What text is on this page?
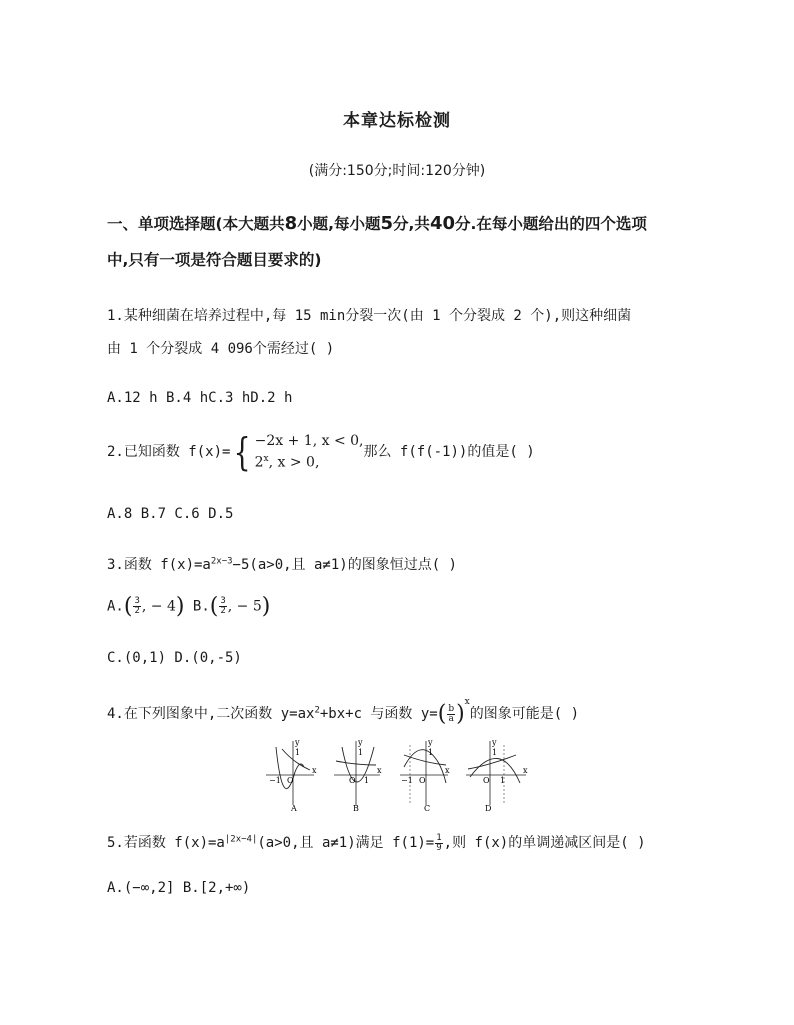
本章达标检测
(满分:150分;时间:120分钟)
一、单项选择题(本大题共8小题,每小题5分,共40分.在每小题给出的四个选项
中,只有一项是符合题目要求的)
1.某种细菌在培养过程中,每 15 min分裂一次(由 1 个分裂成 2 个),则这种细菌
由 1 个分裂成 4 096个需经过( )
A.12 h B.4 hC.3 hD.2 h
2.已知函数 f(x)={ −2x + 1, x < 0,
2$^x$, x > 0,那么 f(f(-1))的值是( )
A.8 B.7 C.6 D.5
3.函数 $f(x)=a^{2x-3}-5(a>0$,且 a≠1)的图象恒过点( )
$A.( \frac{3}{2}$ , − 4) $B.( \frac{3}{2}$ , − 5)
C.(0,1) D.(0,-5)
4.在下列图象中,二次函数 $y=ax^2+bx+c$ 与函数 $y=( \frac{b}{a} )^x$的图象可能是( )
−1 O
1
y
x
A
O 1
1
y
x
B
−1 O
1
y
x
C
O 1
1
y
x
D
5.若函数 $f(x)=a^{|2x-4|}(a>0$,且 a≠1)满足 $f(1)= \frac{1}{9}$ ,则 f(x)的单调递减区间是( )
A.(−∞,2] B.[2,+∞)
